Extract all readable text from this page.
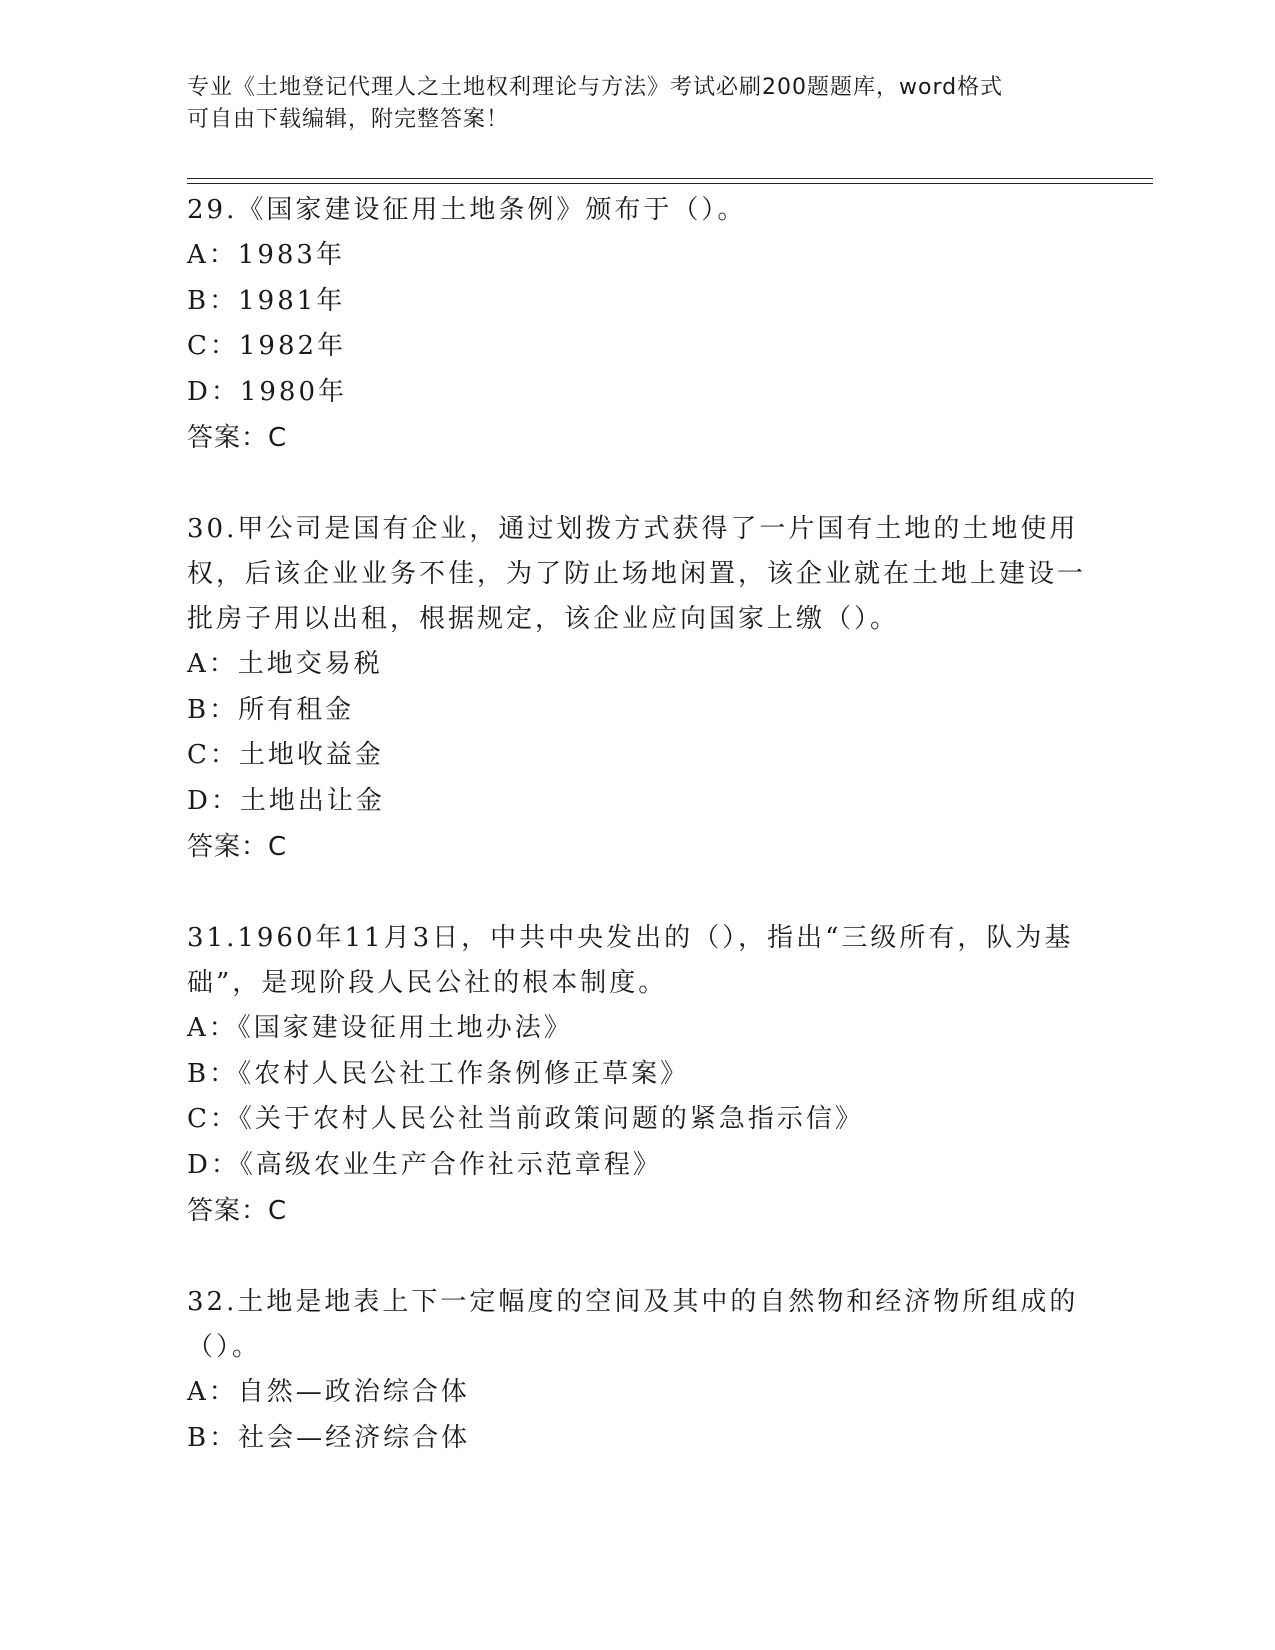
专业《土地登记代理人之土地权利理论与方法》考试必刷200题题库，word格式
可自由下载编辑，附完整答案！

29.《国家建设征用土地条例》颁布于（）。

A：1983年

B：1981年

C：1982年

D：1980年

答案：C

30.甲公司是国有企业，通过划拨方式获得了一片国有土地的土地使用权，后该企业业务不佳，为了防止场地闲置，该企业就在土地上建设一批房子用以出租，根据规定，该企业应向国家上缴（）。

A：土地交易税

B：所有租金

C：土地收益金

D：土地出让金

答案：C

31.1960年11月3日，中共中央发出的（），指出“三级所有，队为基础”，是现阶段人民公社的根本制度。

A：《国家建设征用土地办法》

B：《农村人民公社工作条例修正草案》

C：《关于农村人民公社当前政策问题的紧急指示信》

D：《高级农业生产合作社示范章程》

答案：C

32.土地是地表上下一定幅度的空间及其中的自然物和经济物所组成的（）。

A：自然—政治综合体

B：社会—经济综合体
